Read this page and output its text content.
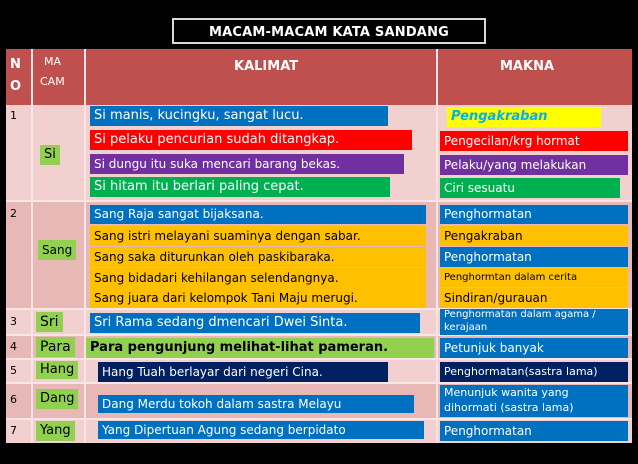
MACAM-MACAM KATA SANDANG
N
O
MA
CAM
KALIMAT	MAKNA
1
2
3
4
5
6
7
Si
Sang
Sri
Para
Hang
Dang
Yang
Si manis, kucingku, sangat lucu.
Si pelaku pencurian sudah ditangkap.
Si dungu itu suka mencari barang bekas.
Si hitam itu berlari paling cepat.
Sang Raja sangat bijaksana.
Sang istri melayani suaminya dengan sabar.
Sang saka diturunkan oleh paskibaraka.
Sang bidadari kehilangan selendangnya.
Sang juara dari kelompok Tani Maju merugi.
Sri Rama sedang dmencari Dwei Sinta.
Para pengunjung melihat-lihat pameran.
Hang Tuah berlayar dari negeri Cina.
Dang Merdu tokoh dalam sastra Melayu
Yang Dipertuan Agung sedang berpidato
Pengakraban
Pengecilan/krg hormat
Pelaku/yang melakukan
Ciri sesuatu
Penghormatan
Pengakraban
Penghormatan
Penghormtan dalam cerita
Sindiran/gurauan
Penghormatan dalam agama /
kerajaan
Petunjuk banyak
Penghormatan(sastra lama)
Menunjuk wanita yang
dihormati (sastra lama)
Penghormatan
